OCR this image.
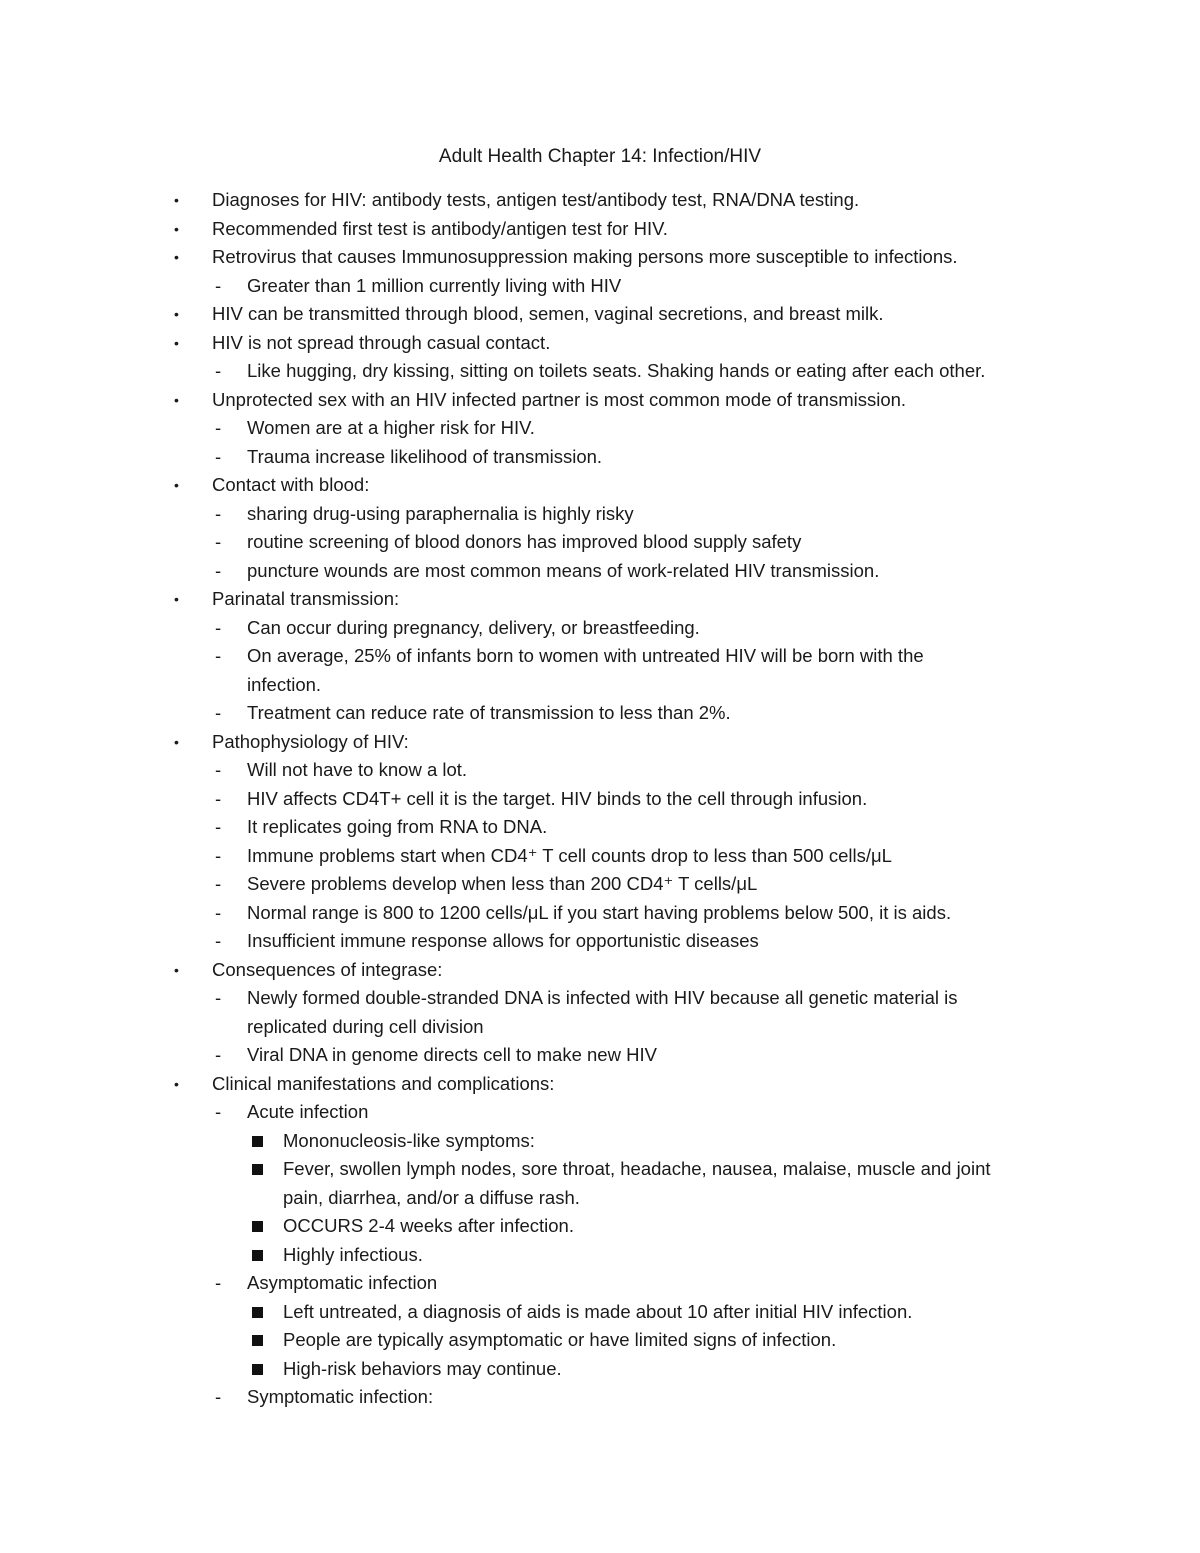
Adult Health Chapter 14: Infection/HIV
• Diagnoses for HIV: antibody tests, antigen test/antibody test, RNA/DNA testing.
• Recommended first test is antibody/antigen test for HIV.
• Retrovirus that causes Immunosuppression making persons more susceptible to infections.
- Greater than 1 million currently living with HIV
• HIV can be transmitted through blood, semen, vaginal secretions, and breast milk.
• HIV is not spread through casual contact.
- Like hugging, dry kissing, sitting on toilets seats. Shaking hands or eating after each other.
• Unprotected sex with an HIV infected partner is most common mode of transmission.
- Women are at a higher risk for HIV.
- Trauma increase likelihood of transmission.
• Contact with blood:
- sharing drug-using paraphernalia is highly risky
- routine screening of blood donors has improved blood supply safety
- puncture wounds are most common means of work-related HIV transmission.
• Parinatal transmission:
- Can occur during pregnancy, delivery, or breastfeeding.
- On average, 25% of infants born to women with untreated HIV will be born with the
infection.
- Treatment can reduce rate of transmission to less than 2%.
• Pathophysiology of HIV:
- Will not have to know a lot.
- HIV affects CD4T+ cell it is the target. HIV binds to the cell through infusion.
- It replicates going from RNA to DNA.
- Immune problems start when CD4⁺ T cell counts drop to less than 500 cells/μL
- Severe problems develop when less than 200 CD4⁺ T cells/μL
- Normal range is 800 to 1200 cells/μL if you start having problems below 500, it is aids.
- Insufficient immune response allows for opportunistic diseases
• Consequences of integrase:
- Newly formed double-stranded DNA is infected with HIV because all genetic material is
replicated during cell division
- Viral DNA in genome directs cell to make new HIV
• Clinical manifestations and complications:
- Acute infection
Mononucleosis-like symptoms:
Fever, swollen lymph nodes, sore throat, headache, nausea, malaise, muscle and joint
pain, diarrhea, and/or a diffuse rash.
OCCURS 2-4 weeks after infection.
Highly infectious.
- Asymptomatic infection
Left untreated, a diagnosis of aids is made about 10 after initial HIV infection.
People are typically asymptomatic or have limited signs of infection.
High-risk behaviors may continue.
- Symptomatic infection:
